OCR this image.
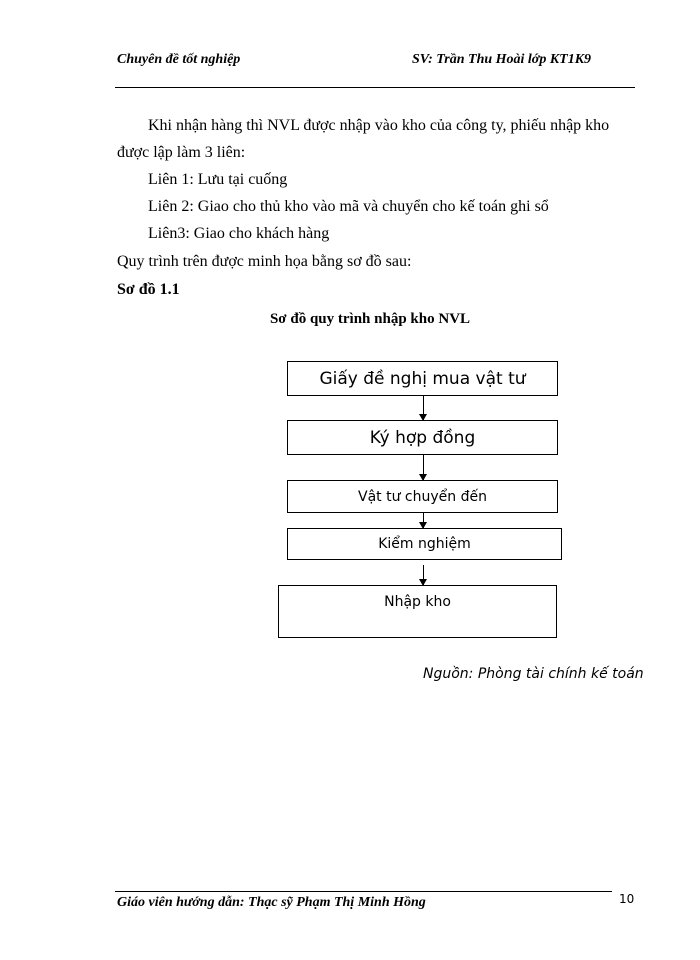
Chuyên đề tốt nghiệp	SV: Trần Thu Hoài lớp KT1K9
Khi nhận hàng thì NVL được nhập vào kho của công ty, phiếu nhập kho
được lập làm 3 liên:
Liên 1: Lưu tại cuống
Liên 2: Giao cho thủ kho vào mã và chuyển cho kế toán ghi sổ
Liên3: Giao cho khách hàng
Quy trình trên được minh họa bằng sơ đồ sau:
Sơ đồ 1.1
Sơ đồ quy trình nhập kho NVL
Giấy đề nghị mua vật tư
Ký hợp đồng
Vật tư chuyển đến
Kiểm nghiệm
Nhập kho
Nguồn: Phòng tài chính kế toán
Giáo viên hướng dẫn: Thạc sỹ Phạm Thị Minh Hồng	10
